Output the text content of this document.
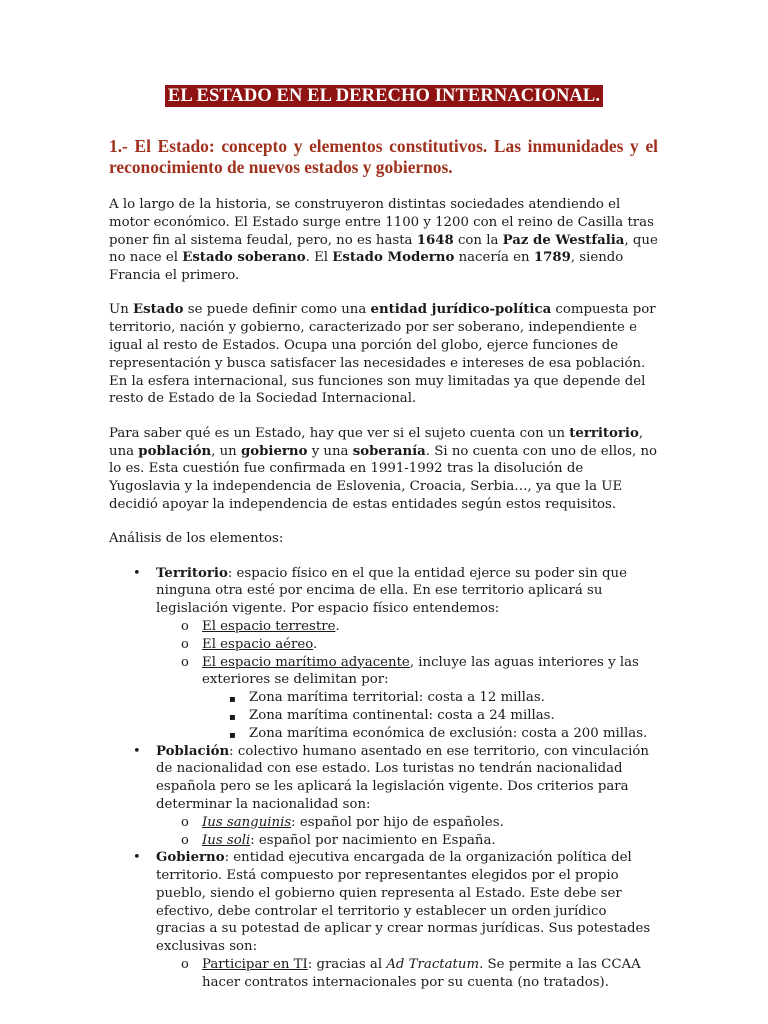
EL ESTADO EN EL DERECHO INTERNACIONAL.
1.- El Estado: concepto y elementos constitutivos. Las inmunidades y el reconocimiento de nuevos estados y gobiernos.

A lo largo de la historia, se construyeron distintas sociedades atendiendo el motor económico. El Estado surge entre 1100 y 1200 con el reino de Casilla tras poner fin al sistema feudal, pero, no es hasta 1648 con la Paz de Westfalia, que no nace el Estado soberano. El Estado Moderno nacería en 1789, siendo Francia el primero.

Un Estado se puede definir como una entidad jurídico-política compuesta por territorio, nación y gobierno, caracterizado por ser soberano, independiente e igual al resto de Estados. Ocupa una porción del globo, ejerce funciones de representación y busca satisfacer las necesidades e intereses de esa población. En la esfera internacional, sus funciones son muy limitadas ya que depende del resto de Estado de la Sociedad Internacional.

Para saber qué es un Estado, hay que ver si el sujeto cuenta con un territorio, una población, un gobierno y una soberanía. Si no cuenta con uno de ellos, no lo es. Esta cuestión fue confirmada en 1991-1992 tras la disolución de Yugoslavia y la independencia de Eslovenia, Croacia, Serbia…, ya que la UE decidió apoyar la independencia de estas entidades según estos requisitos.

Análisis de los elementos:

• Territorio: espacio físico en el que la entidad ejerce su poder sin que ninguna otra esté por encima de ella. En ese territorio aplicará su legislación vigente. Por espacio físico entendemos:
o El espacio terrestre.
o El espacio aéreo.
o El espacio marítimo adyacente, incluye las aguas interiores y las exteriores se delimitan por:
▪ Zona marítima territorial: costa a 12 millas.
▪ Zona marítima continental: costa a 24 millas.
▪ Zona marítima económica de exclusión: costa a 200 millas.
• Población: colectivo humano asentado en ese territorio, con vinculación de nacionalidad con ese estado. Los turistas no tendrán nacionalidad española pero se les aplicará la legislación vigente. Dos criterios para determinar la nacionalidad son:
o Ius sanguinis: español por hijo de españoles.
o Ius soli: español por nacimiento en España.
• Gobierno: entidad ejecutiva encargada de la organización política del territorio. Está compuesto por representantes elegidos por el propio pueblo, siendo el gobierno quien representa al Estado. Este debe ser efectivo, debe controlar el territorio y establecer un orden jurídico gracias a su potestad de aplicar y crear normas jurídicas. Sus potestades exclusivas son:
o Participar en TI: gracias al Ad Tractatum. Se permite a las CCAA hacer contratos internacionales por su cuenta (no tratados).
